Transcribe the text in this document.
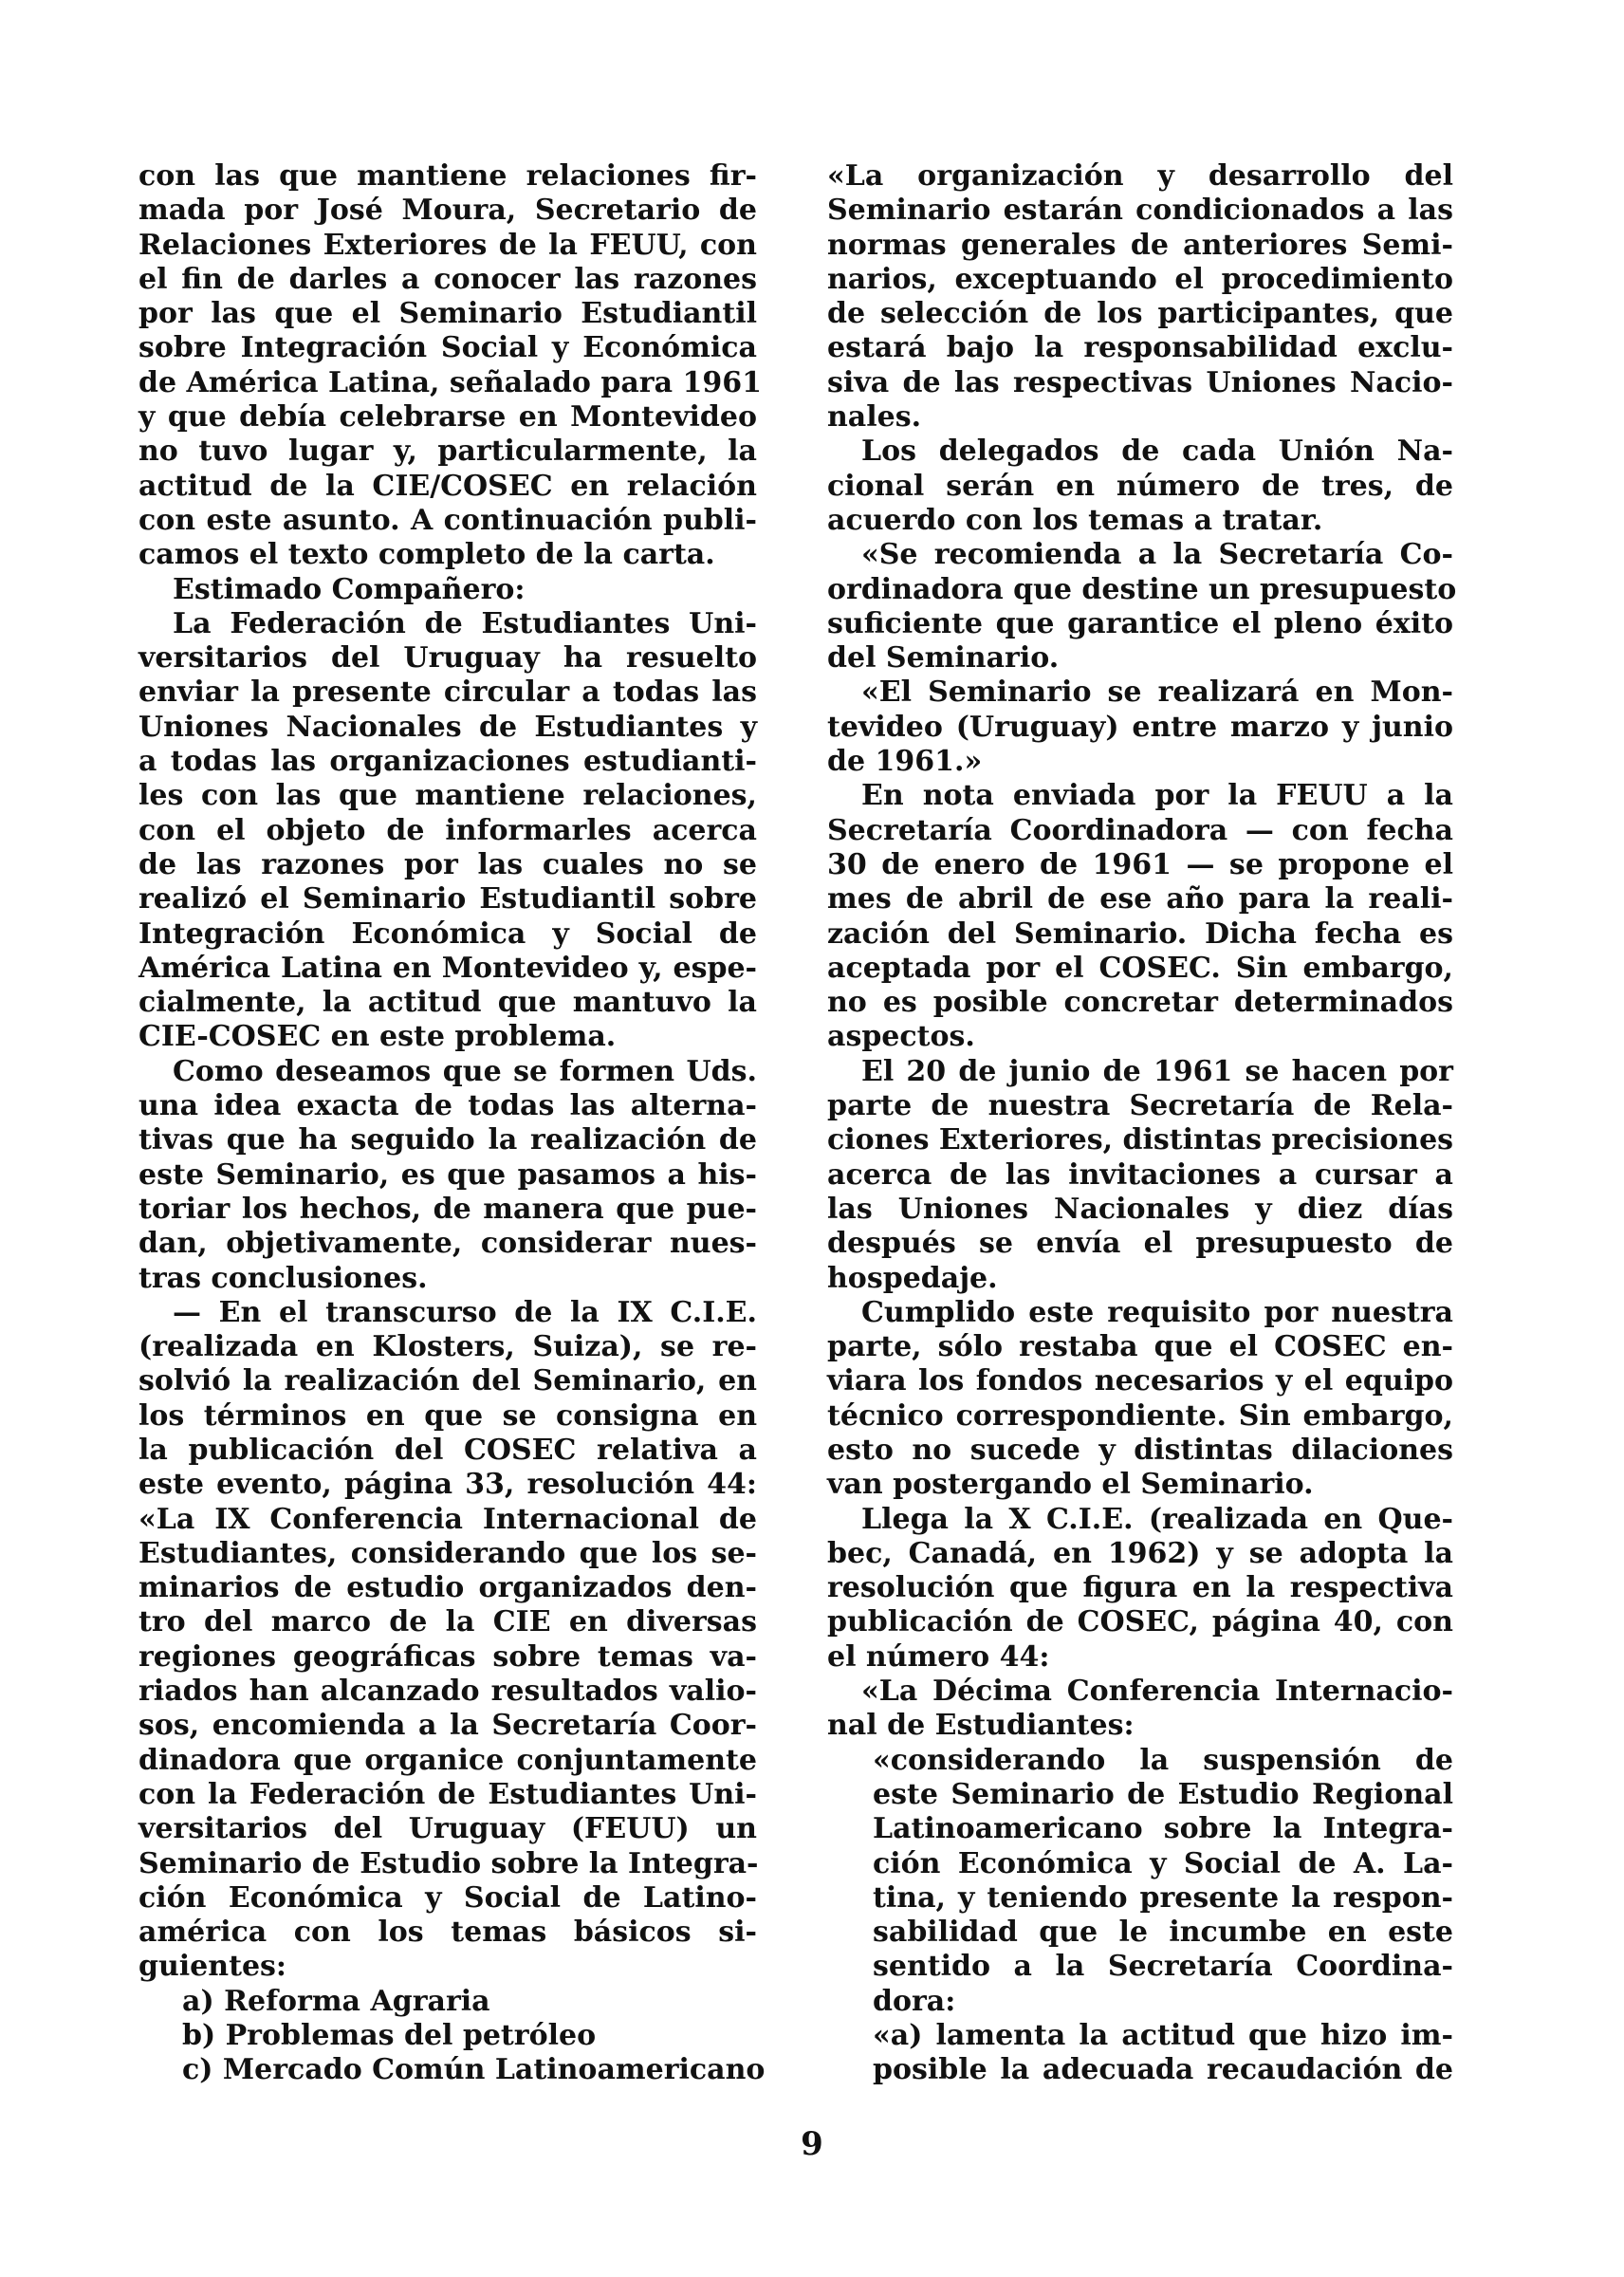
con las que mantiene relaciones fir-
mada por José Moura, Secretario de
Relaciones Exteriores de la FEUU, con
el fin de darles a conocer las razones
por las que el Seminario Estudiantil
sobre Integración Social y Económica
de América Latina, señalado para 1961
y que debía celebrarse en Montevideo
no tuvo lugar y, particularmente, la
actitud de la CIE/COSEC en relación
con este asunto. A continuación publi-
camos el texto completo de la carta.
Estimado Compañero:
La Federación de Estudiantes Uni-
versitarios del Uruguay ha resuelto
enviar la presente circular a todas las
Uniones Nacionales de Estudiantes y
a todas las organizaciones estudianti-
les con las que mantiene relaciones,
con el objeto de informarles acerca
de las razones por las cuales no se
realizó el Seminario Estudiantil sobre
Integración Económica y Social de
América Latina en Montevideo y, espe-
cialmente, la actitud que mantuvo la
CIE-COSEC en este problema.
Como deseamos que se formen Uds.
una idea exacta de todas las alterna-
tivas que ha seguido la realización de
este Seminario, es que pasamos a his-
toriar los hechos, de manera que pue-
dan, objetivamente, considerar nues-
tras conclusiones.
— En el transcurso de la IX C.I.E.
(realizada en Klosters, Suiza), se re-
solvió la realización del Seminario, en
los términos en que se consigna en
la publicación del COSEC relativa a
este evento, página 33, resolución 44:
«La IX Conferencia Internacional de
Estudiantes, considerando que los se-
minarios de estudio organizados den-
tro del marco de la CIE en diversas
regiones geográficas sobre temas va-
riados han alcanzado resultados valio-
sos, encomienda a la Secretaría Coor-
dinadora que organice conjuntamente
con la Federación de Estudiantes Uni-
versitarios del Uruguay (FEUU) un
Seminario de Estudio sobre la Integra-
ción Económica y Social de Latino-
américa con los temas básicos si-
guientes:
a) Reforma Agraria
b) Problemas del petróleo
c) Mercado Común Latinoamericano
«La organización y desarrollo del
Seminario estarán condicionados a las
normas generales de anteriores Semi-
narios, exceptuando el procedimiento
de selección de los participantes, que
estará bajo la responsabilidad exclu-
siva de las respectivas Uniones Nacio-
nales.
Los delegados de cada Unión Na-
cional serán en número de tres, de
acuerdo con los temas a tratar.
«Se recomienda a la Secretaría Co-
ordinadora que destine un presupuesto
suficiente que garantice el pleno éxito
del Seminario.
«El Seminario se realizará en Mon-
tevideo (Uruguay) entre marzo y junio
de 1961.»
En nota enviada por la FEUU a la
Secretaría Coordinadora — con fecha
30 de enero de 1961 — se propone el
mes de abril de ese año para la reali-
zación del Seminario. Dicha fecha es
aceptada por el COSEC. Sin embargo,
no es posible concretar determinados
aspectos.
El 20 de junio de 1961 se hacen por
parte de nuestra Secretaría de Rela-
ciones Exteriores, distintas precisiones
acerca de las invitaciones a cursar a
las Uniones Nacionales y diez días
después se envía el presupuesto de
hospedaje.
Cumplido este requisito por nuestra
parte, sólo restaba que el COSEC en-
viara los fondos necesarios y el equipo
técnico correspondiente. Sin embargo,
esto no sucede y distintas dilaciones
van postergando el Seminario.
Llega la X C.I.E. (realizada en Que-
bec, Canadá, en 1962) y se adopta la
resolución que figura en la respectiva
publicación de COSEC, página 40, con
el número 44:
«La Décima Conferencia Internacio-
nal de Estudiantes:
«considerando la suspensión de
este Seminario de Estudio Regional
Latinoamericano sobre la Integra-
ción Económica y Social de A. La-
tina, y teniendo presente la respon-
sabilidad que le incumbe en este
sentido a la Secretaría Coordina-
dora:
«a) lamenta la actitud que hizo im-
posible la adecuada recaudación de
9
